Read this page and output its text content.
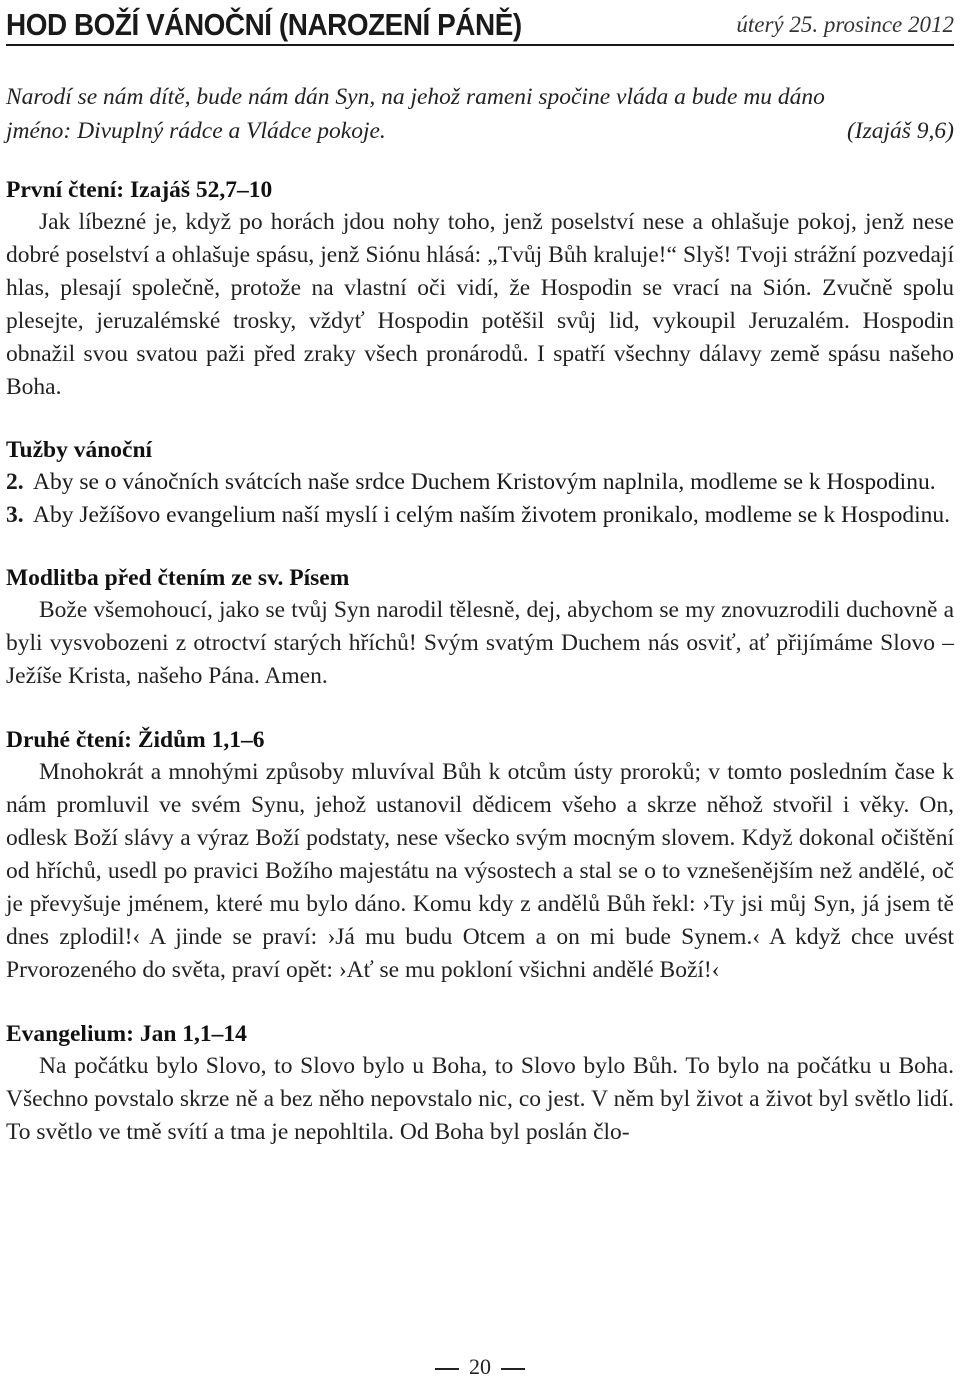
HOD BOŽÍ VÁNOČNÍ (NAROZENÍ PÁNĚ)	úterý 25. prosince 2012
Narodí se nám dítě, bude nám dán Syn, na jehož rameni spočine vláda a bude mu dáno
jméno: Divuplný rádce a Vládce pokoje.	(Izajáš 9,6)
První čtení: Izajáš 52,7–10

Jak líbezné je, když po horách jdou nohy toho, jenž poselství nese a ohlašuje pokoj, jenž nese dobré poselství a ohlašuje spásu, jenž Siónu hlásá: „Tvůj Bůh kraluje!“ Slyš! Tvoji strážní pozvedají hlas, plesají společně, protože na vlastní oči vidí, že Hospodin se vrací na Sión. Zvučně spolu plesejte, jeruzalémské trosky, vždyť Hospodin potěšil svůj lid, vykoupil Jeruzalém. Hospodin obnažil svou svatou paži před zraky všech pronárodů. I spatří všechny dálavy země spásu našeho Boha.

Tužby vánoční
2. Aby se o vánočních svátcích naše srdce Duchem Kristovým naplnila, modleme se k Hospodinu.
3. Aby Ježíšovo evangelium naší myslí i celým naším životem pronikalo, modleme se k Hospodinu.
Modlitba před čtením ze sv. Písem

Bože všemohoucí, jako se tvůj Syn narodil tělesně, dej, abychom se my znovuzrodili duchovně a byli vysvobozeni z otroctví starých hříchů! Svým svatým Duchem nás osviť, ať přijímáme Slovo – Ježíše Krista, našeho Pána. Amen.

Druhé čtení: Židům 1,1–6

Mnohokrát a mnohými způsoby mluvíval Bůh k otcům ústy proroků; v tomto posledním čase k nám promluvil ve svém Synu, jehož ustanovil dědicem všeho a skrze něhož stvořil i věky. On, odlesk Boží slávy a výraz Boží podstaty, nese všecko svým mocným slovem. Když dokonal očištění od hříchů, usedl po pravici Božího majestátu na výsostech a stal se o to vznešenějším než andělé, oč je převyšuje jménem, které mu bylo dáno. Komu kdy z andělů Bůh řekl: ›Ty jsi můj Syn, já jsem tě dnes zplodil!‹ A jinde se praví: ›Já mu budu Otcem a on mi bude Synem.‹ A když chce uvést Prvorozeného do světa, praví opět: ›Ať se mu pokloní všichni andělé Boží!‹

Evangelium: Jan 1,1–14

Na počátku bylo Slovo, to Slovo bylo u Boha, to Slovo bylo Bůh. To bylo na počátku u Boha. Všechno povstalo skrze ně a bez něho nepovstalo nic, co jest. V něm byl život a život byl světlo lidí. To světlo ve tmě svítí a tma je nepohltila. Od Boha byl poslán člo-

20
